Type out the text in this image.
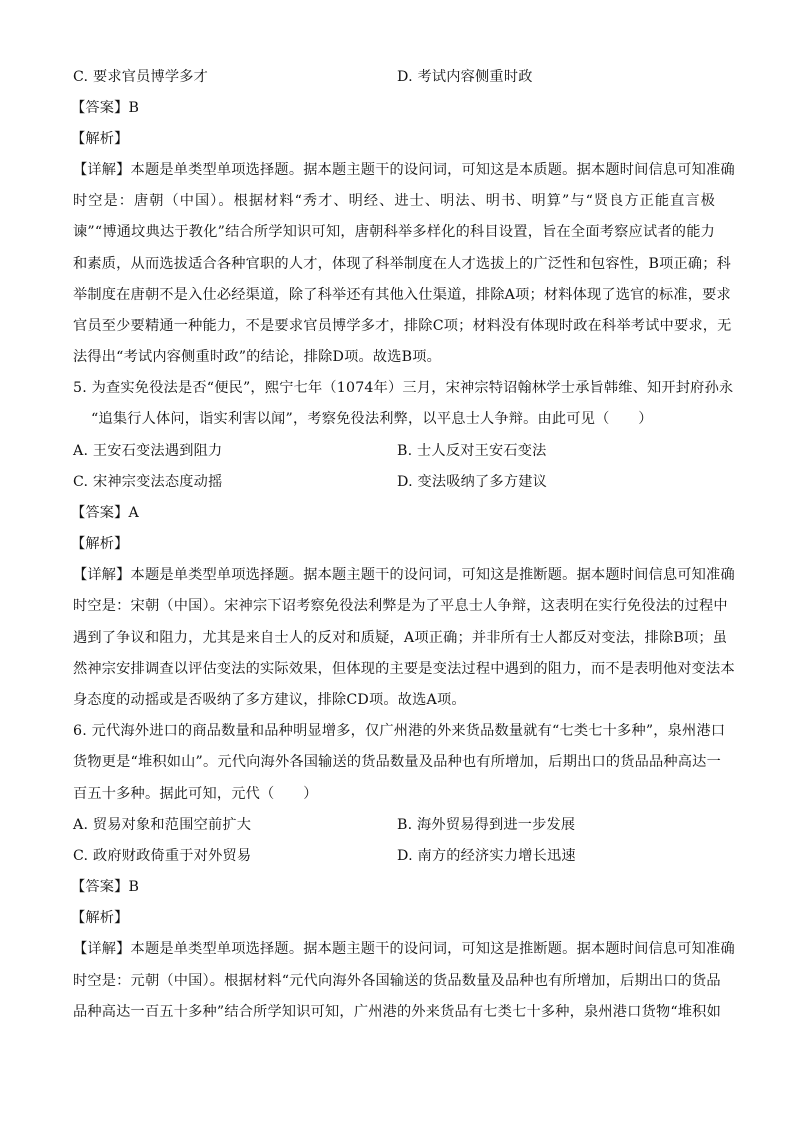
C. 要求官员博学多才	D. 考试内容侧重时政
【答案】B
【解析】
【详解】本题是单类型单项选择题。据本题主题干的设问词，可知这是本质题。据本题时间信息可知准确
时空是：唐朝（中国）。根据材料“秀才、明经、进士、明法、明书、明算”与“贤良方正能直言极
谏”“博通坟典达于教化”结合所学知识可知，唐朝科举多样化的科目设置，旨在全面考察应试者的能力
和素质，从而选拔适合各种官职的人才，体现了科举制度在人才选拔上的广泛性和包容性，B项正确；科
举制度在唐朝不是入仕必经渠道，除了科举还有其他入仕渠道，排除A项；材料体现了选官的标准，要求
官员至少要精通一种能力，不是要求官员博学多才，排除C项；材料没有体现时政在科举考试中要求，无
法得出“考试内容侧重时政”的结论，排除D项。故选B项。
5. 为查实免役法是否“便民”，熙宁七年（1074年）三月，宋神宗特诏翰林学士承旨韩维、知开封府孙永
“追集行人体问，诣实利害以闻”，考察免役法利弊，以平息士人争辩。由此可见（　　）
A. 王安石变法遇到阻力	B. 士人反对王安石变法
C. 宋神宗变法态度动摇	D. 变法吸纳了多方建议
【答案】A
【解析】
【详解】本题是单类型单项选择题。据本题主题干的设问词，可知这是推断题。据本题时间信息可知准确
时空是：宋朝（中国）。宋神宗下诏考察免役法利弊是为了平息士人争辩，这表明在实行免役法的过程中
遇到了争议和阻力，尤其是来自士人的反对和质疑，A项正确；并非所有士人都反对变法，排除B项；虽
然神宗安排调查以评估变法的实际效果，但体现的主要是变法过程中遇到的阻力，而不是表明他对变法本
身态度的动摇或是否吸纳了多方建议，排除CD项。故选A项。
6. 元代海外进口的商品数量和品种明显增多，仅广州港的外来货品数量就有“七类七十多种”，泉州港口
货物更是“堆积如山”。元代向海外各国输送的货品数量及品种也有所增加，后期出口的货品品种高达一
百五十多种。据此可知，元代（　　）
A. 贸易对象和范围空前扩大	B. 海外贸易得到进一步发展
C. 政府财政倚重于对外贸易	D. 南方的经济实力增长迅速
【答案】B
【解析】
【详解】本题是单类型单项选择题。据本题主题干的设问词，可知这是推断题。据本题时间信息可知准确
时空是：元朝（中国）。根据材料“元代向海外各国输送的货品数量及品种也有所增加，后期出口的货品
品种高达一百五十多种”结合所学知识可知，广州港的外来货品有七类七十多种，泉州港口货物“堆积如
